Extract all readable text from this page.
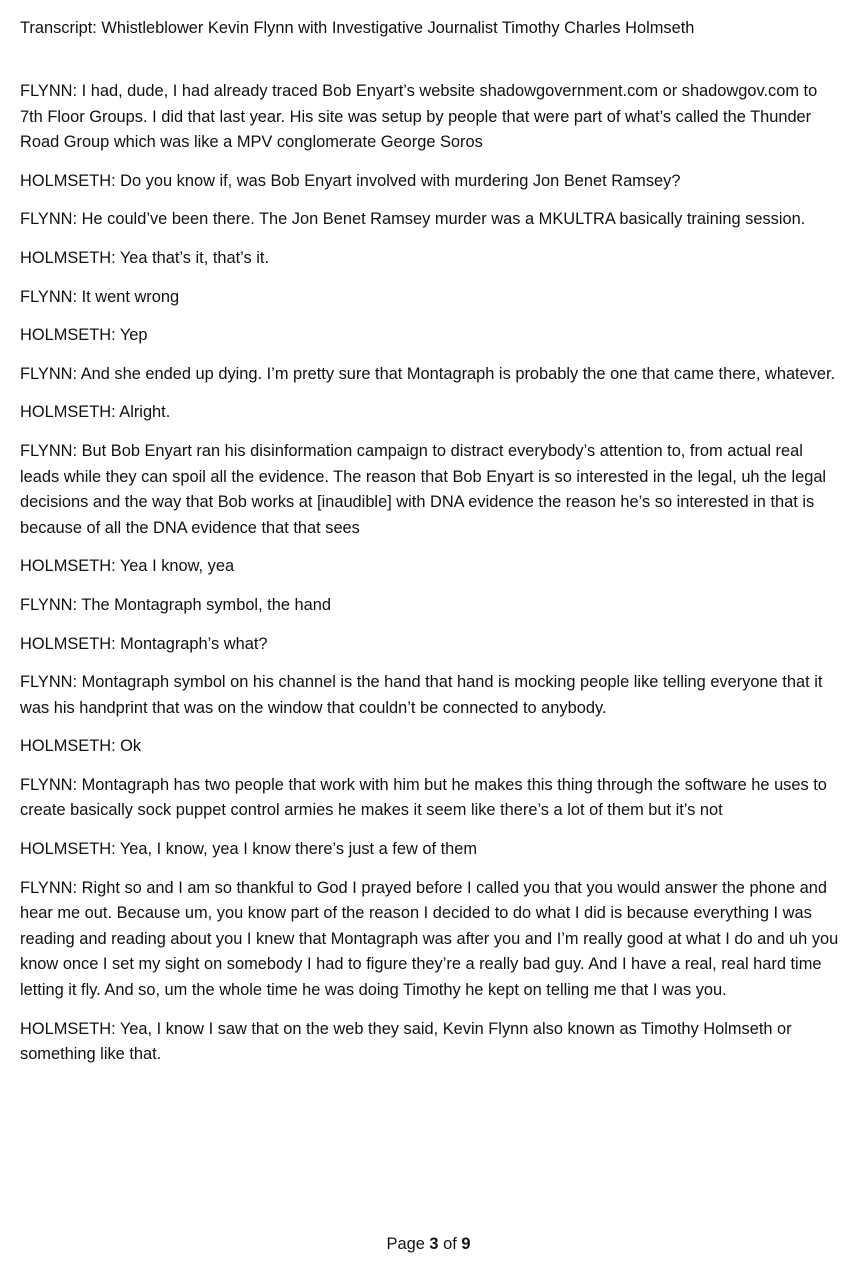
Transcript: Whistleblower Kevin Flynn with Investigative Journalist Timothy Charles Holmseth

FLYNN: I had, dude, I had already traced Bob Enyart’s website shadowgovernment.com or shadowgov.com to 7th Floor Groups. I did that last year. His site was setup by people that were part of what’s called the Thunder Road Group which was like a MPV conglomerate George Soros

HOLMSETH: Do you know if, was Bob Enyart involved with murdering Jon Benet Ramsey?

FLYNN: He could’ve been there. The Jon Benet Ramsey murder was a MKULTRA basically training session.

HOLMSETH: Yea that’s it, that’s it.

FLYNN: It went wrong

HOLMSETH: Yep

FLYNN: And she ended up dying. I’m pretty sure that Montagraph is probably the one that came there, whatever.

HOLMSETH: Alright.

FLYNN: But Bob Enyart ran his disinformation campaign to distract everybody’s attention to, from actual real leads while they can spoil all the evidence. The reason that Bob Enyart is so interested in the legal, uh the legal decisions and the way that Bob works at [inaudible] with DNA evidence the reason he’s so interested in that is because of all the DNA evidence that that sees

HOLMSETH: Yea I know, yea

FLYNN: The Montagraph symbol, the hand

HOLMSETH: Montagraph’s what?

FLYNN: Montagraph symbol on his channel is the hand that hand is mocking people like telling everyone that it was his handprint that was on the window that couldn’t be connected to anybody.

HOLMSETH: Ok

FLYNN: Montagraph has two people that work with him but he makes this thing through the software he uses to create basically sock puppet control armies he makes it seem like there’s a lot of them but it’s not

HOLMSETH: Yea, I know, yea I know there’s just a few of them

FLYNN: Right so and I am so thankful to God I prayed before I called you that you would answer the phone and hear me out. Because um, you know part of the reason I decided to do what I did is because everything I was reading and reading about you I knew that Montagraph was after you and I’m really good at what I do and uh you know once I set my sight on somebody I had to figure they’re a really bad guy. And I have a real, real hard time letting it fly. And so, um the whole time he was doing Timothy he kept on telling me that I was you.

HOLMSETH: Yea, I know I saw that on the web they said, Kevin Flynn also known as Timothy Holmseth or something like that.

Page 3 of 9
